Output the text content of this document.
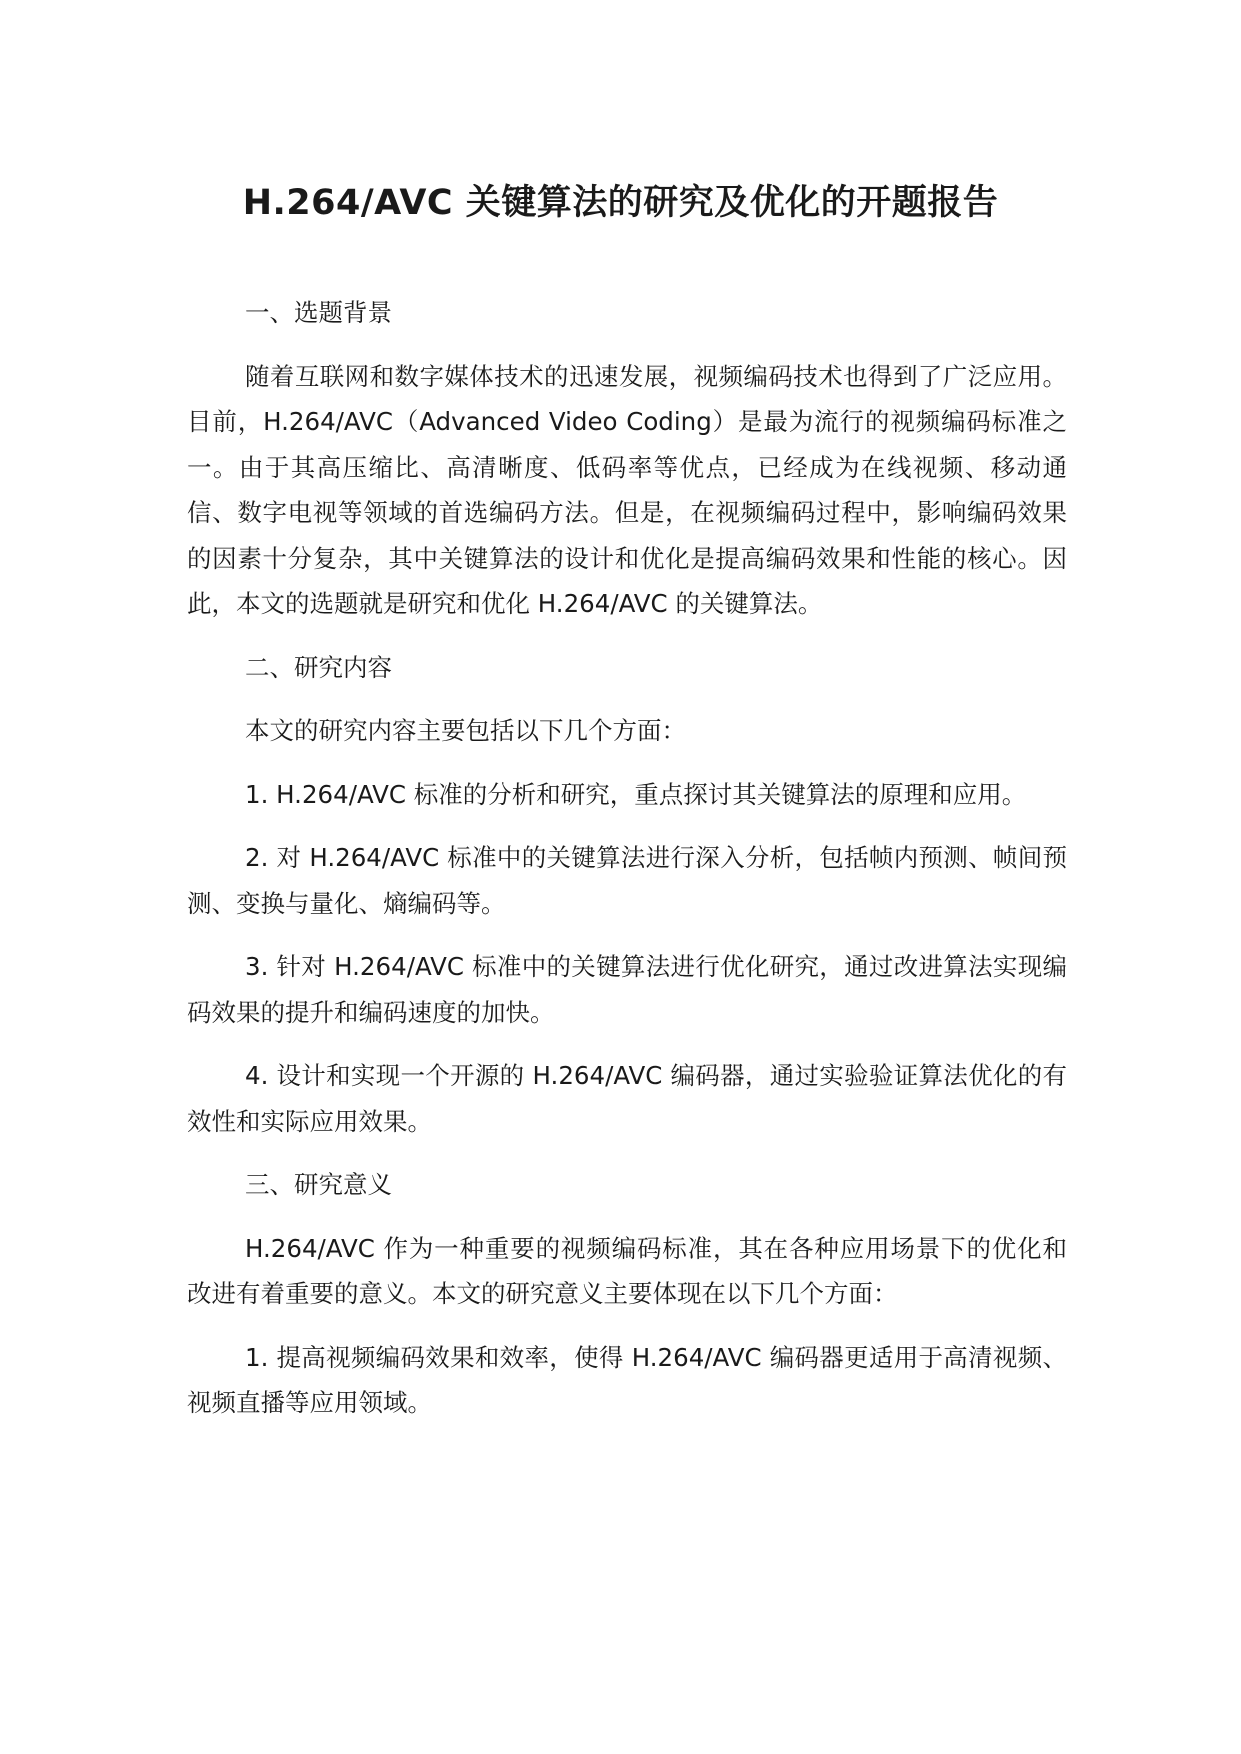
H.264/AVC 关键算法的研究及优化的开题报告

一、选题背景

随着互联网和数字媒体技术的迅速发展，视频编码技术也得到了广泛应用。目前，H.264/AVC（Advanced Video Coding）是最为流行的视频编码标准之一。由于其高压缩比、高清晰度、低码率等优点，已经成为在线视频、移动通信、数字电视等领域的首选编码方法。但是，在视频编码过程中，影响编码效果的因素十分复杂，其中关键算法的设计和优化是提高编码效果和性能的核心。因此，本文的选题就是研究和优化 H.264/AVC 的关键算法。

二、研究内容

本文的研究内容主要包括以下几个方面：

1. H.264/AVC 标准的分析和研究，重点探讨其关键算法的原理和应用。

2. 对 H.264/AVC 标准中的关键算法进行深入分析，包括帧内预测、帧间预测、变换与量化、熵编码等。

3. 针对 H.264/AVC 标准中的关键算法进行优化研究，通过改进算法实现编码效果的提升和编码速度的加快。

4. 设计和实现一个开源的 H.264/AVC 编码器，通过实验验证算法优化的有效性和实际应用效果。

三、研究意义

H.264/AVC 作为一种重要的视频编码标准，其在各种应用场景下的优化和改进有着重要的意义。本文的研究意义主要体现在以下几个方面：

1. 提高视频编码效果和效率，使得 H.264/AVC 编码器更适用于高清视频、视频直播等应用领域。
